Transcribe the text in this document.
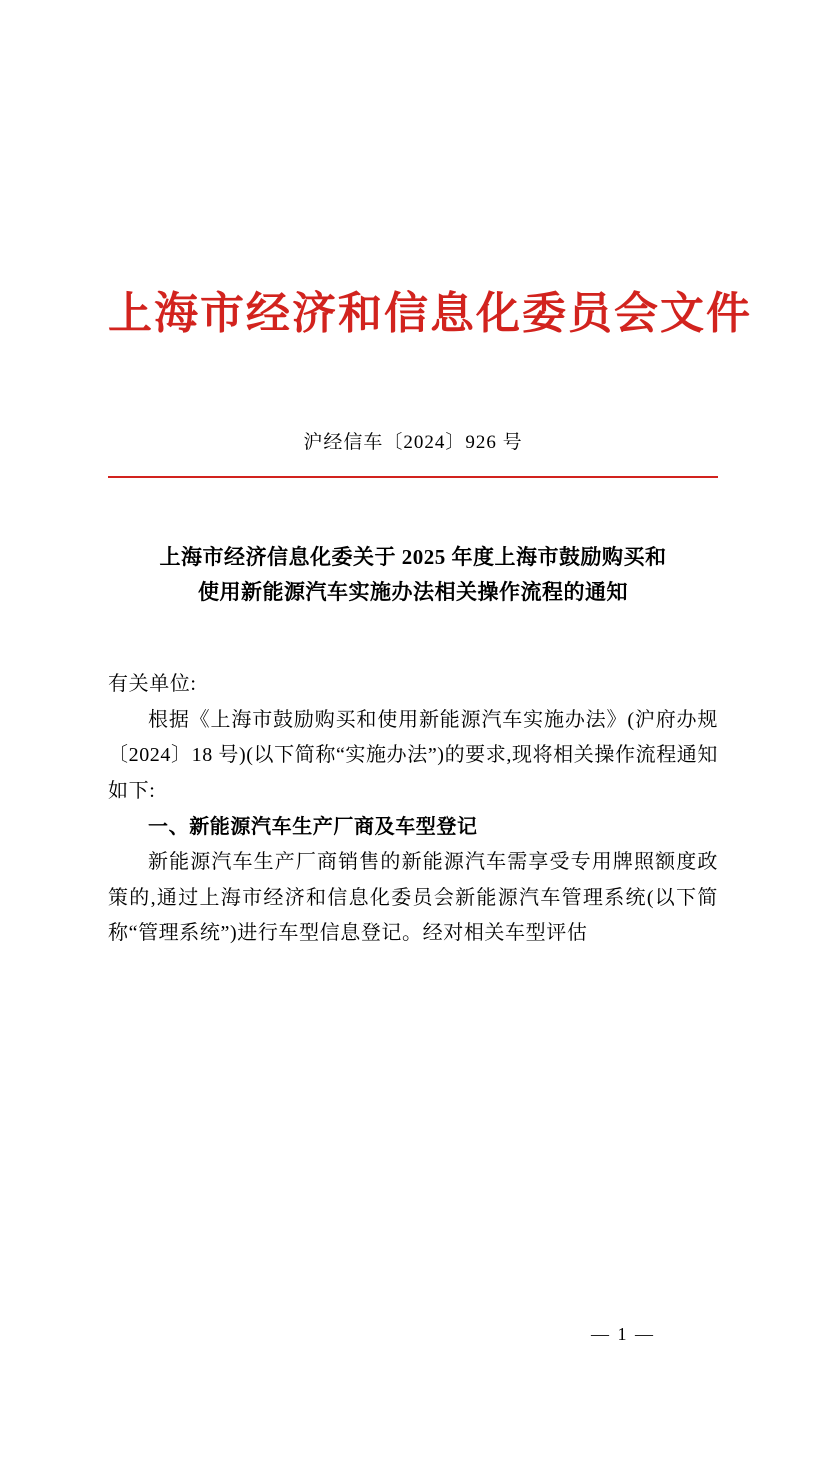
上海市经济和信息化委员会文件
沪经信车〔2024〕926 号
上海市经济信息化委关于 2025 年度上海市鼓励购买和
使用新能源汽车实施办法相关操作流程的通知

有关单位:

根据《上海市鼓励购买和使用新能源汽车实施办法》(沪府办规〔2024〕18 号)(以下简称“实施办法”)的要求,现将相关操作流程通知如下:

一、新能源汽车生产厂商及车型登记

新能源汽车生产厂商销售的新能源汽车需享受专用牌照额度政策的,通过上海市经济和信息化委员会新能源汽车管理系统(以下简称“管理系统”)进行车型信息登记。经对相关车型评估

— 1 —
